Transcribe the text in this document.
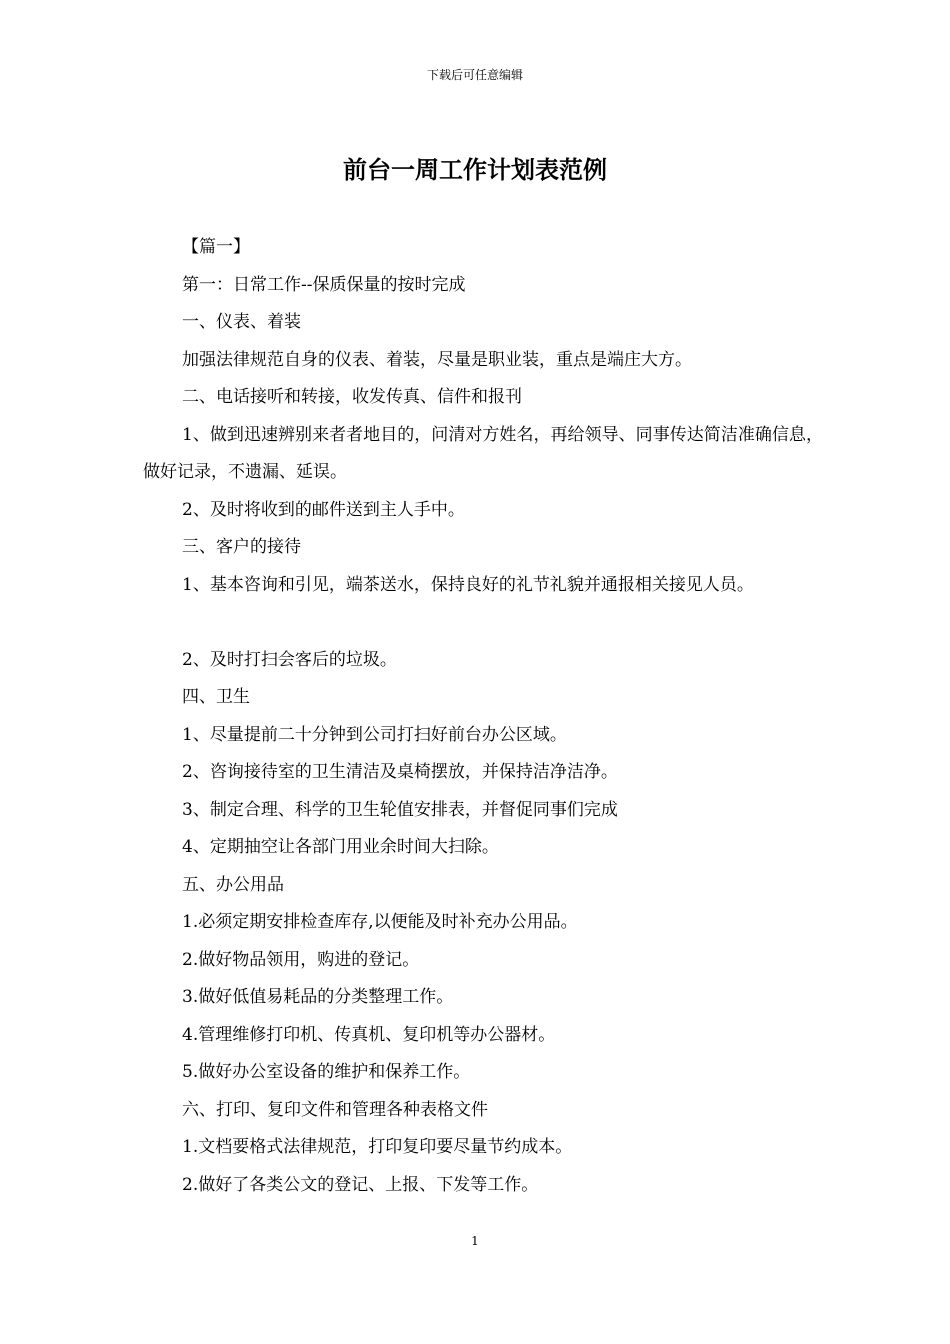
下载后可任意编辑
前台一周工作计划表范例

【篇一】

第一：日常工作--保质保量的按时完成

一、仪表、着装

加强法律规范自身的仪表、着装，尽量是职业装，重点是端庄大方。

二、电话接听和转接，收发传真、信件和报刊

1、做到迅速辨别来者者地目的，问清对方姓名，再给领导、同事传达简洁准确信息，做好记录，不遗漏、延误。

2、及时将收到的邮件送到主人手中。

三、客户的接待

1、基本咨询和引见，端茶送水，保持良好的礼节礼貌并通报相关接见人员。

2、及时打扫会客后的垃圾。

四、卫生

1、尽量提前二十分钟到公司打扫好前台办公区域。

2、咨询接待室的卫生清洁及桌椅摆放，并保持洁净洁净。

3、制定合理、科学的卫生轮值安排表，并督促同事们完成

4、定期抽空让各部门用业余时间大扫除。

五、办公用品

1.必须定期安排检查库存,以便能及时补充办公用品。

2.做好物品领用，购进的登记。

3.做好低值易耗品的分类整理工作。

4.管理维修打印机、传真机、复印机等办公器材。

5.做好办公室设备的维护和保养工作。

六、打印、复印文件和管理各种表格文件

1.文档要格式法律规范，打印复印要尽量节约成本。

2.做好了各类公文的登记、上报、下发等工作。

1
